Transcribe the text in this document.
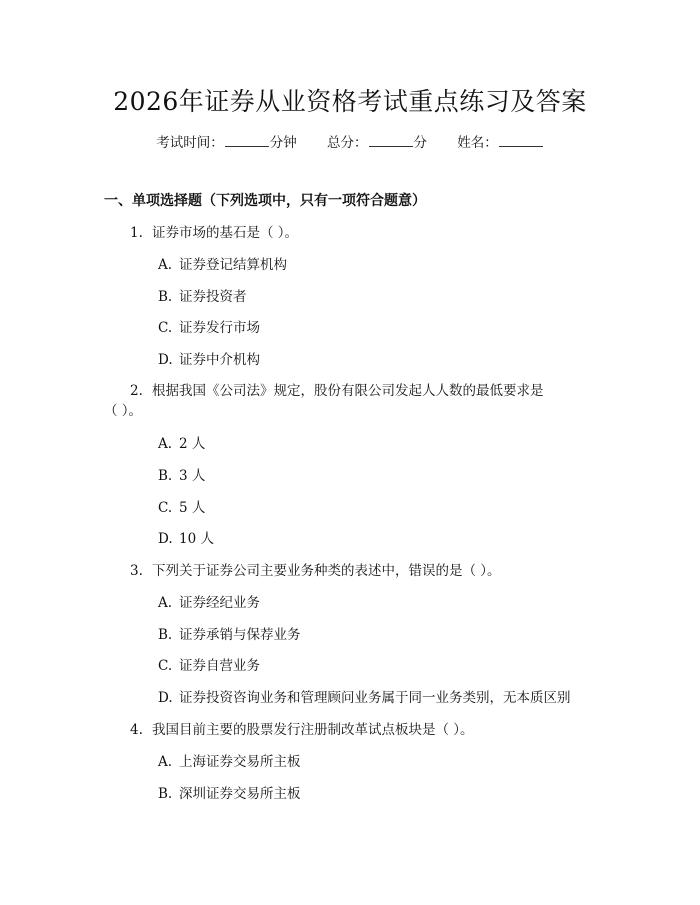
2026年证券从业资格考试重点练习及答案
考试时间：	分钟 总分：	分 姓名：
一、单项选择题（下列选项中，只有一项符合题意）
1. 证券市场的基石是（ ）。
A. 证券登记结算机构
B. 证券投资者
C. 证券发行市场
D. 证券中介机构
2. 根据我国《公司法》规定，股份有限公司发起人人数的最低要求是
（ ）。
A. 2 人
B. 3 人
C. 5 人
D. 10 人
3. 下列关于证券公司主要业务种类的表述中，错误的是（ ）。
A. 证券经纪业务
B. 证券承销与保荐业务
C. 证券自营业务
D. 证券投资咨询业务和管理顾问业务属于同一业务类别，无本质区别
4. 我国目前主要的股票发行注册制改革试点板块是（ ）。
A. 上海证券交易所主板
B. 深圳证券交易所主板
